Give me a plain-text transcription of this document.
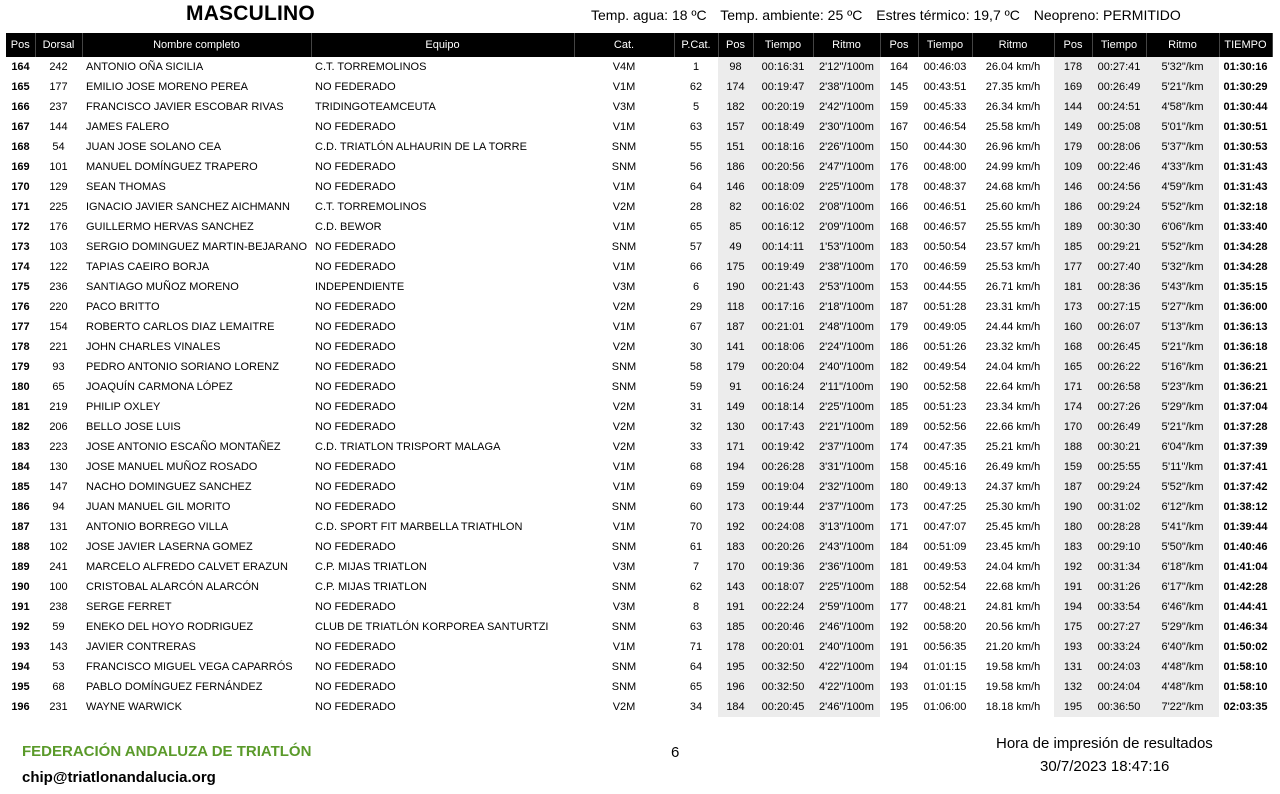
MASCULINO	Temp. agua: 18 ºC Temp. ambiente: 25 ºC Estres térmico: 19,7 ºC Neopreno: PERMITIDO
Pos	Dorsal	Nombre completo	Equipo	Cat.	P.Cat.	Pos	Tiempo	Ritmo	Pos	Tiempo	Ritmo	Pos	Tiempo	Ritmo	TIEMPO
164	242	ANTONIO OÑA SICILIA	C.T. TORREMOLINOS	V4M	1	98	00:16:31	2'12"/100m	164	00:46:03	26.04 km/h	178	00:27:41	5'32"/km	01:30:16
165	177	EMILIO JOSE MORENO PEREA	NO FEDERADO	V1M	62	174	00:19:47	2'38"/100m	145	00:43:51	27.35 km/h	169	00:26:49	5'21"/km	01:30:29
166	237	FRANCISCO JAVIER ESCOBAR RIVAS	TRIDINGOTEAMCEUTA	V3M	5	182	00:20:19	2'42"/100m	159	00:45:33	26.34 km/h	144	00:24:51	4'58"/km	01:30:44
167	144	JAMES FALERO	NO FEDERADO	V1M	63	157	00:18:49	2'30"/100m	167	00:46:54	25.58 km/h	149	00:25:08	5'01"/km	01:30:51
168	54	JUAN JOSE SOLANO CEA	C.D. TRIATLÓN ALHAURIN DE LA TORRE	SNM	55	151	00:18:16	2'26"/100m	150	00:44:30	26.96 km/h	179	00:28:06	5'37"/km	01:30:53
169	101	MANUEL DOMÍNGUEZ TRAPERO	NO FEDERADO	SNM	56	186	00:20:56	2'47"/100m	176	00:48:00	24.99 km/h	109	00:22:46	4'33"/km	01:31:43
170	129	SEAN THOMAS	NO FEDERADO	V1M	64	146	00:18:09	2'25"/100m	178	00:48:37	24.68 km/h	146	00:24:56	4'59"/km	01:31:43
171	225	IGNACIO JAVIER SANCHEZ AICHMANN	C.T. TORREMOLINOS	V2M	28	82	00:16:02	2'08"/100m	166	00:46:51	25.60 km/h	186	00:29:24	5'52"/km	01:32:18
172	176	GUILLERMO HERVAS SANCHEZ	C.D. BEWOR	V1M	65	85	00:16:12	2'09"/100m	168	00:46:57	25.55 km/h	189	00:30:30	6'06"/km	01:33:40
173	103	SERGIO DOMINGUEZ MARTIN-BEJARANO	NO FEDERADO	SNM	57	49	00:14:11	1'53"/100m	183	00:50:54	23.57 km/h	185	00:29:21	5'52"/km	01:34:28
174	122	TAPIAS CAEIRO BORJA	NO FEDERADO	V1M	66	175	00:19:49	2'38"/100m	170	00:46:59	25.53 km/h	177	00:27:40	5'32"/km	01:34:28
175	236	SANTIAGO MUÑOZ MORENO	INDEPENDIENTE	V3M	6	190	00:21:43	2'53"/100m	153	00:44:55	26.71 km/h	181	00:28:36	5'43"/km	01:35:15
176	220	PACO BRITTO	NO FEDERADO	V2M	29	118	00:17:16	2'18"/100m	187	00:51:28	23.31 km/h	173	00:27:15	5'27"/km	01:36:00
177	154	ROBERTO CARLOS DIAZ LEMAITRE	NO FEDERADO	V1M	67	187	00:21:01	2'48"/100m	179	00:49:05	24.44 km/h	160	00:26:07	5'13"/km	01:36:13
178	221	JOHN CHARLES VINALES	NO FEDERADO	V2M	30	141	00:18:06	2'24"/100m	186	00:51:26	23.32 km/h	168	00:26:45	5'21"/km	01:36:18
179	93	PEDRO ANTONIO SORIANO LORENZ	NO FEDERADO	SNM	58	179	00:20:04	2'40"/100m	182	00:49:54	24.04 km/h	165	00:26:22	5'16"/km	01:36:21
180	65	JOAQUÍN CARMONA LÓPEZ	NO FEDERADO	SNM	59	91	00:16:24	2'11"/100m	190	00:52:58	22.64 km/h	171	00:26:58	5'23"/km	01:36:21
181	219	PHILIP OXLEY	NO FEDERADO	V2M	31	149	00:18:14	2'25"/100m	185	00:51:23	23.34 km/h	174	00:27:26	5'29"/km	01:37:04
182	206	BELLO JOSE LUIS	NO FEDERADO	V2M	32	130	00:17:43	2'21"/100m	189	00:52:56	22.66 km/h	170	00:26:49	5'21"/km	01:37:28
183	223	JOSE ANTONIO ESCAÑO MONTAÑEZ	C.D. TRIATLON TRISPORT MALAGA	V2M	33	171	00:19:42	2'37"/100m	174	00:47:35	25.21 km/h	188	00:30:21	6'04"/km	01:37:39
184	130	JOSE MANUEL MUÑOZ ROSADO	NO FEDERADO	V1M	68	194	00:26:28	3'31"/100m	158	00:45:16	26.49 km/h	159	00:25:55	5'11"/km	01:37:41
185	147	NACHO DOMINGUEZ SANCHEZ	NO FEDERADO	V1M	69	159	00:19:04	2'32"/100m	180	00:49:13	24.37 km/h	187	00:29:24	5'52"/km	01:37:42
186	94	JUAN MANUEL GIL MORITO	NO FEDERADO	SNM	60	173	00:19:44	2'37"/100m	173	00:47:25	25.30 km/h	190	00:31:02	6'12"/km	01:38:12
187	131	ANTONIO BORREGO VILLA	C.D. SPORT FIT MARBELLA TRIATHLON	V1M	70	192	00:24:08	3'13"/100m	171	00:47:07	25.45 km/h	180	00:28:28	5'41"/km	01:39:44
188	102	JOSE JAVIER LASERNA GOMEZ	NO FEDERADO	SNM	61	183	00:20:26	2'43"/100m	184	00:51:09	23.45 km/h	183	00:29:10	5'50"/km	01:40:46
189	241	MARCELO ALFREDO CALVET ERAZUN	C.P. MIJAS TRIATLON	V3M	7	170	00:19:36	2'36"/100m	181	00:49:53	24.04 km/h	192	00:31:34	6'18"/km	01:41:04
190	100	CRISTOBAL ALARCÓN ALARCÓN	C.P. MIJAS TRIATLON	SNM	62	143	00:18:07	2'25"/100m	188	00:52:54	22.68 km/h	191	00:31:26	6'17"/km	01:42:28
191	238	SERGE FERRET	NO FEDERADO	V3M	8	191	00:22:24	2'59"/100m	177	00:48:21	24.81 km/h	194	00:33:54	6'46"/km	01:44:41
192	59	ENEKO DEL HOYO RODRIGUEZ	CLUB DE TRIATLÓN KORPOREA SANTURTZI	SNM	63	185	00:20:46	2'46"/100m	192	00:58:20	20.56 km/h	175	00:27:27	5'29"/km	01:46:34
193	143	JAVIER CONTRERAS	NO FEDERADO	V1M	71	178	00:20:01	2'40"/100m	191	00:56:35	21.20 km/h	193	00:33:24	6'40"/km	01:50:02
194	53	FRANCISCO MIGUEL VEGA CAPARRÓS	NO FEDERADO	SNM	64	195	00:32:50	4'22"/100m	194	01:01:15	19.58 km/h	131	00:24:03	4'48"/km	01:58:10
195	68	PABLO DOMÍNGUEZ FERNÁNDEZ	NO FEDERADO	SNM	65	196	00:32:50	4'22"/100m	193	01:01:15	19.58 km/h	132	00:24:04	4'48"/km	01:58:10
196	231	WAYNE WARWICK	NO FEDERADO	V2M	34	184	00:20:45	2'46"/100m	195	01:06:00	18.18 km/h	195	00:36:50	7'22"/km	02:03:35
FEDERACIÓN ANDALUZA DE TRIATLÓN
chip@triatlonandalucia.org
6
Hora de impresión de resultados
30/7/2023 18:47:16
